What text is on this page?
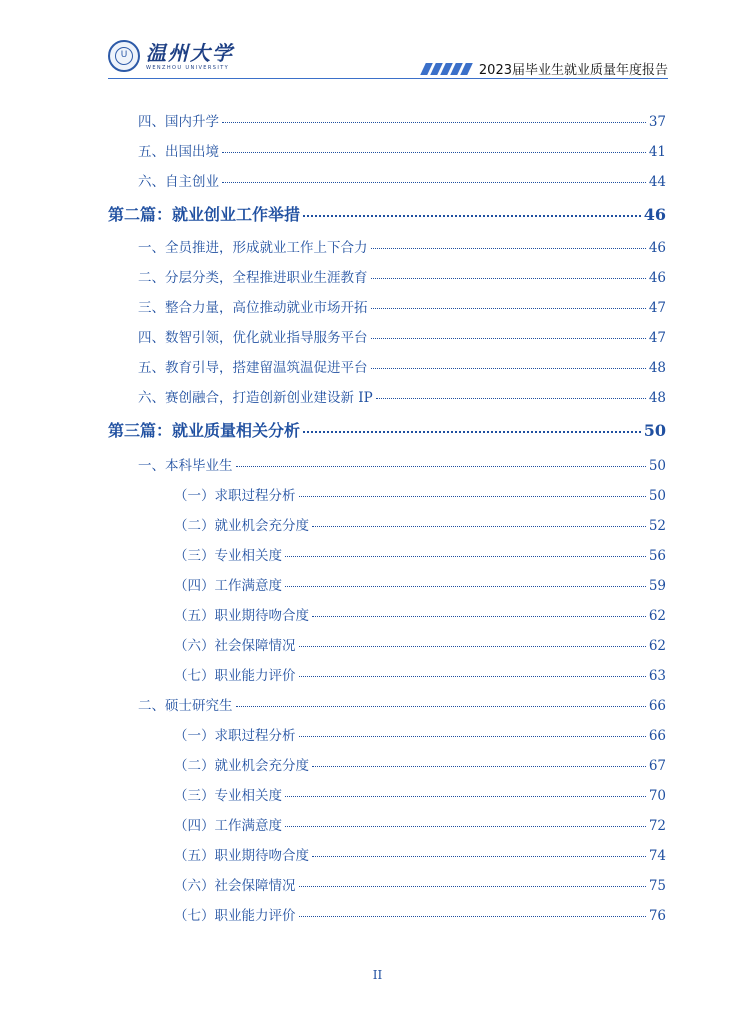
U 温州大学
WENZHOU UNIVERSITY	2023届毕业生就业质量年度报告
四、国内升学	37
五、出国出境	41
六、自主创业	44
第二篇：就业创业工作举措	46
一、全员推进，形成就业工作上下合力	46
二、分层分类，全程推进职业生涯教育	46
三、整合力量，高位推动就业市场开拓	47
四、数智引领，优化就业指导服务平台	47
五、教育引导，搭建留温筑温促进平台	48
六、赛创融合，打造创新创业建设新 IP	48
第三篇：就业质量相关分析	50
一、本科毕业生	50
（一）求职过程分析	50
（二）就业机会充分度	52
（三）专业相关度	56
（四）工作满意度	59
（五）职业期待吻合度	62
（六）社会保障情况	62
（七）职业能力评价	63
二、硕士研究生	66
（一）求职过程分析	66
（二）就业机会充分度	67
（三）专业相关度	70
（四）工作满意度	72
（五）职业期待吻合度	74
（六）社会保障情况	75
（七）职业能力评价	76
II
